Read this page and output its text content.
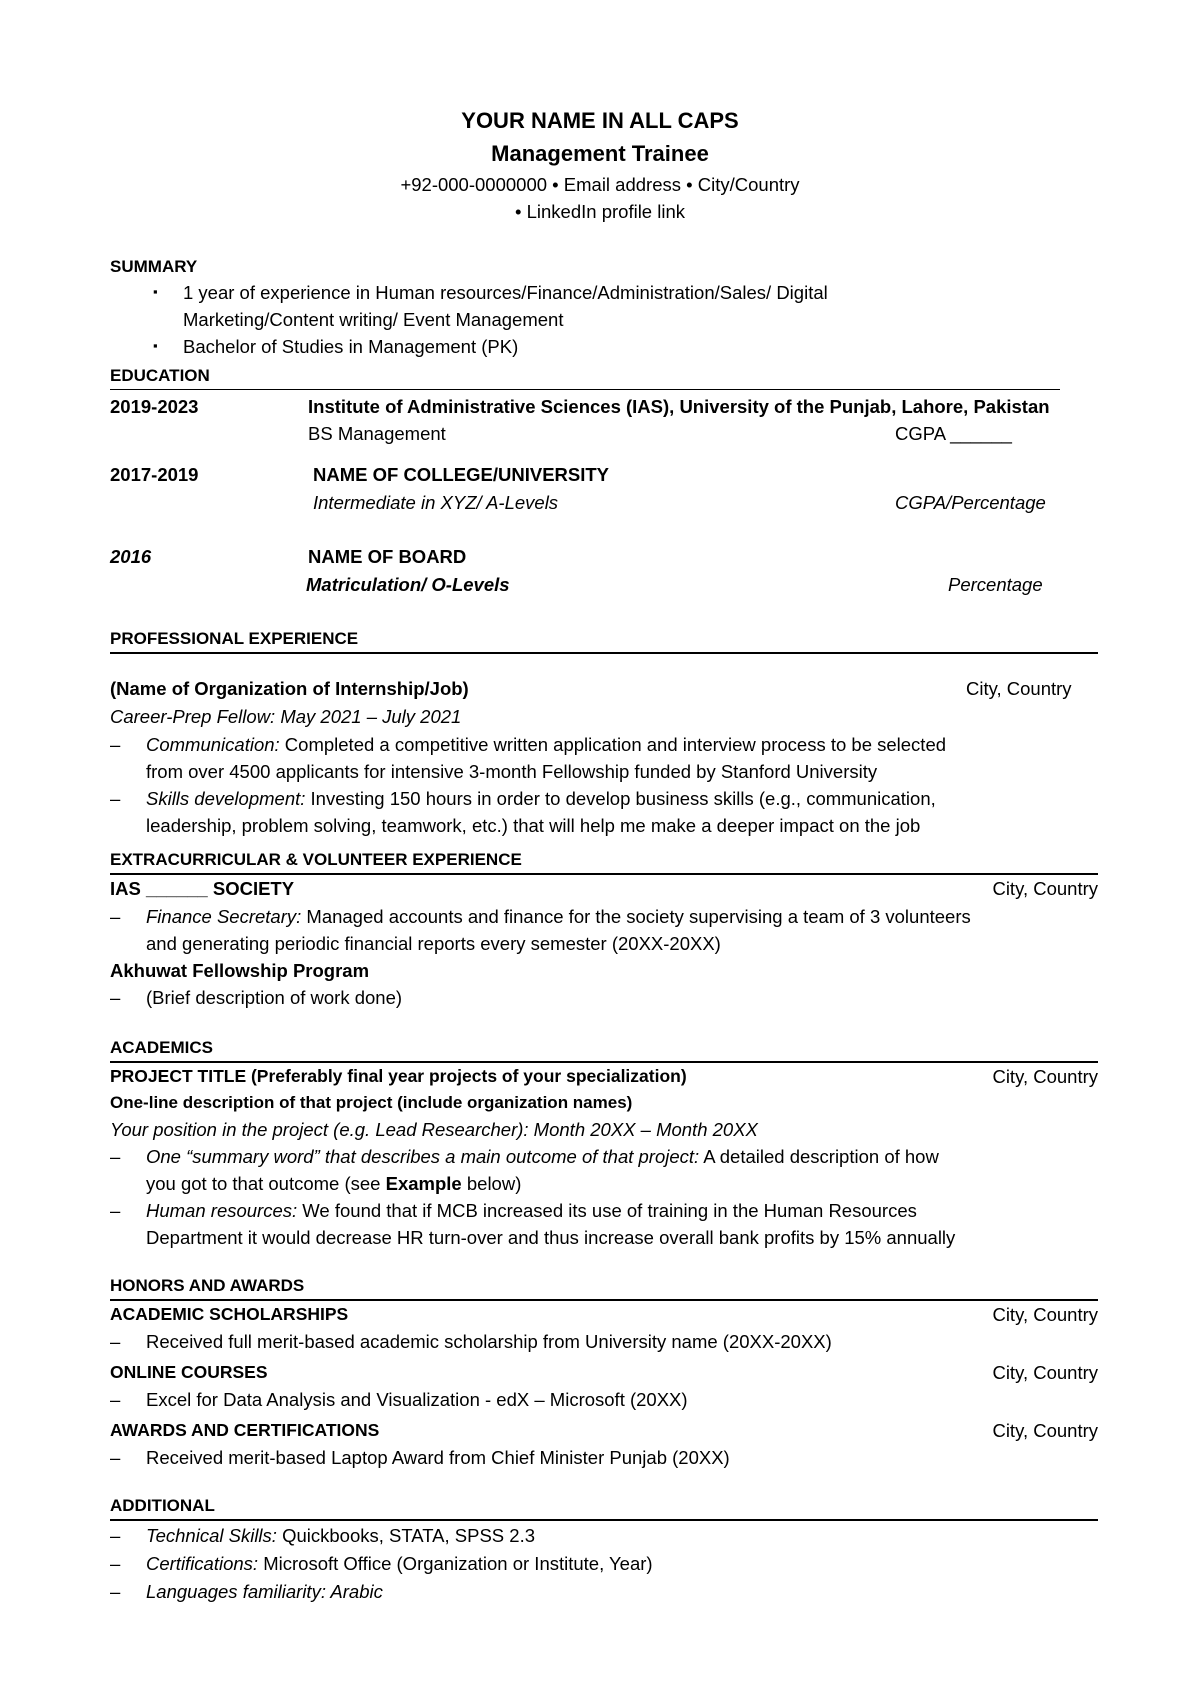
YOUR NAME IN ALL CAPS
Management Trainee
+92-000-0000000 • Email address • City/Country
• LinkedIn profile link
SUMMARY
▪ 1 year of experience in Human resources/Finance/Administration/Sales/ Digital
Marketing/Content writing/ Event Management
▪ Bachelor of Studies in Management (PK)
EDUCATION
2019-2023	Institute of Administrative Sciences (IAS), University of the Punjab, Lahore, Pakistan
BS Management	CGPA ______
2017-2019	NAME OF COLLEGE/UNIVERSITY
Intermediate in XYZ/ A-Levels	CGPA/Percentage
2016	NAME OF BOARD
Matriculation/ O-Levels	Percentage
PROFESSIONAL EXPERIENCE
(Name of Organization of Internship/Job)	City, Country
Career-Prep Fellow: May 2021 – July 2021
– Communication: Completed a competitive written application and interview process to be selected
from over 4500 applicants for intensive 3-month Fellowship funded by Stanford University
– Skills development: Investing 150 hours in order to develop business skills (e.g., communication,
leadership, problem solving, teamwork, etc.) that will help me make a deeper impact on the job
EXTRACURRICULAR & VOLUNTEER EXPERIENCE
IAS ______ SOCIETY	City, Country
– Finance Secretary: Managed accounts and finance for the society supervising a team of 3 volunteers
and generating periodic financial reports every semester (20XX-20XX)
Akhuwat Fellowship Program
– (Brief description of work done)
ACADEMICS
PROJECT TITLE (Preferably final year projects of your specialization)	City, Country
One-line description of that project (include organization names)
Your position in the project (e.g. Lead Researcher): Month 20XX – Month 20XX
– One “summary word” that describes a main outcome of that project: A detailed description of how
you got to that outcome (see Example below)
– Human resources: We found that if MCB increased its use of training in the Human Resources
Department it would decrease HR turn-over and thus increase overall bank profits by 15% annually
HONORS AND AWARDS
ACADEMIC SCHOLARSHIPS	City, Country
– Received full merit-based academic scholarship from University name (20XX-20XX)
ONLINE COURSES	City, Country
– Excel for Data Analysis and Visualization - edX – Microsoft (20XX)
AWARDS AND CERTIFICATIONS	City, Country
– Received merit-based Laptop Award from Chief Minister Punjab (20XX)
ADDITIONAL
– Technical Skills: Quickbooks, STATA, SPSS 2.3
– Certifications: Microsoft Office (Organization or Institute, Year)
– Languages familiarity: Arabic
